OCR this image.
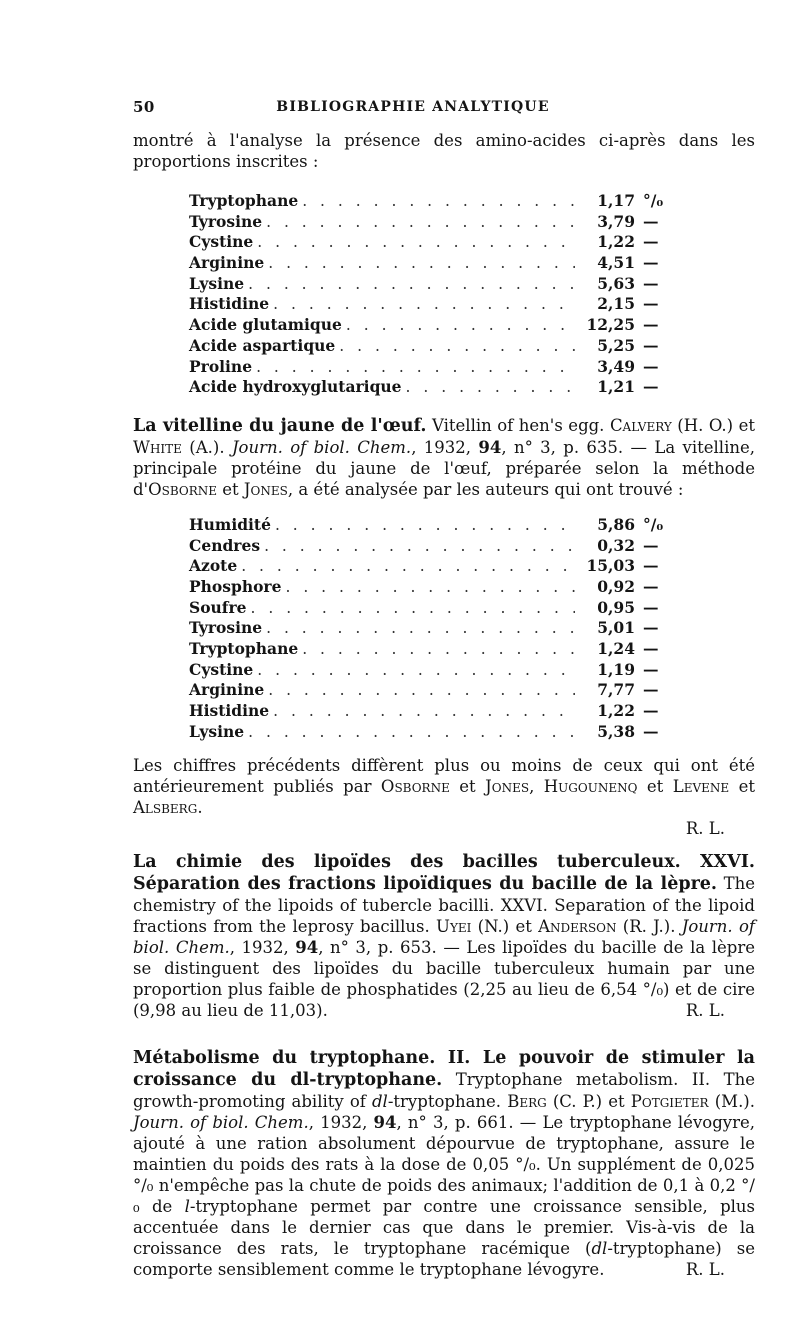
50	BIBLIOGRAPHIE ANALYTIQUE

montré à l'analyse la présence des amino-acides ci-après dans les proportions inscrites :

Tryptophane . . .	1,17 °/₀
Tyrosine . . .	3,79 —
Cystine . . .	1,22 —
Arginine . . .	4,51 —
Lysine . . .	5,63 —
Histidine . . .	2,15 —
Acide glutamique . . .	12,25 —
Acide aspartique . . .	5,25 —
Proline . . .	3,49 —
Acide hydroxyglutarique . . .	1,21 —

La vitelline du jaune de l'œuf. Vitellin of hen's egg. Calvery (H. O.) et White (A.). Journ. of biol. Chem., 1932, 94, n° 3, p. 635. — La vitelline, principale protéine du jaune de l'œuf, préparée selon la méthode d'Osborne et Jones, a été analysée par les auteurs qui ont trouvé :

Humidité . . .	5,86 °/₀
Cendres . . .	0,32 —
Azote . . .	15,03 —
Phosphore . . .	0,92 —
Soufre . . .	0,95 —
Tyrosine . . .	5,01 —
Tryptophane . . .	1,24 —
Cystine . . .	1,19 —
Arginine . . .	7,77 —
Histidine . . .	1,22 —
Lysine . . .	5,38 —

Les chiffres précédents diffèrent plus ou moins de ceux qui ont été antérieurement publiés par Osborne et Jones, Hugounenq et Levene et Alsberg.

R. L.

La chimie des lipoïdes des bacilles tuberculeux. XXVI. Séparation des fractions lipoïdiques du bacille de la lèpre. The chemistry of the lipoids of tubercle bacilli. XXVI. Separation of the lipoid fractions from the leprosy bacillus. Uyei (N.) et Anderson (R. J.). Journ. of biol. Chem., 1932, 94, n° 3, p. 653. — Les lipoïdes du bacille de la lèpre se distinguent des lipoïdes du bacille tuberculeux humain par une proportion plus faible de phosphatides (2,25 au lieu de 6,54 °/₀) et de cire (9,98 au lieu de 11,03).	R. L.

Métabolisme du tryptophane. II. Le pouvoir de stimuler la croissance du dl-tryptophane. Tryptophane metabolism. II. The growth-promoting ability of dl-tryptophane. Berg (C. P.) et Potgieter (M.). Journ. of biol. Chem., 1932, 94, n° 3, p. 661. — Le tryptophane lévogyre, ajouté à une ration absolument dépourvue de tryptophane, assure le maintien du poids des rats à la dose de 0,05 °/₀. Un supplément de 0,025 °/₀ n'empêche pas la chute de poids des animaux; l'addition de 0,1 à 0,2 °/₀ de l-tryptophane permet par contre une croissance sensible, plus accentuée dans le dernier cas que dans le premier. Vis-à-vis de la croissance des rats, le tryptophane racémique (dl-tryptophane) se comporte sensiblement comme le tryptophane lévogyre.	R. L.
